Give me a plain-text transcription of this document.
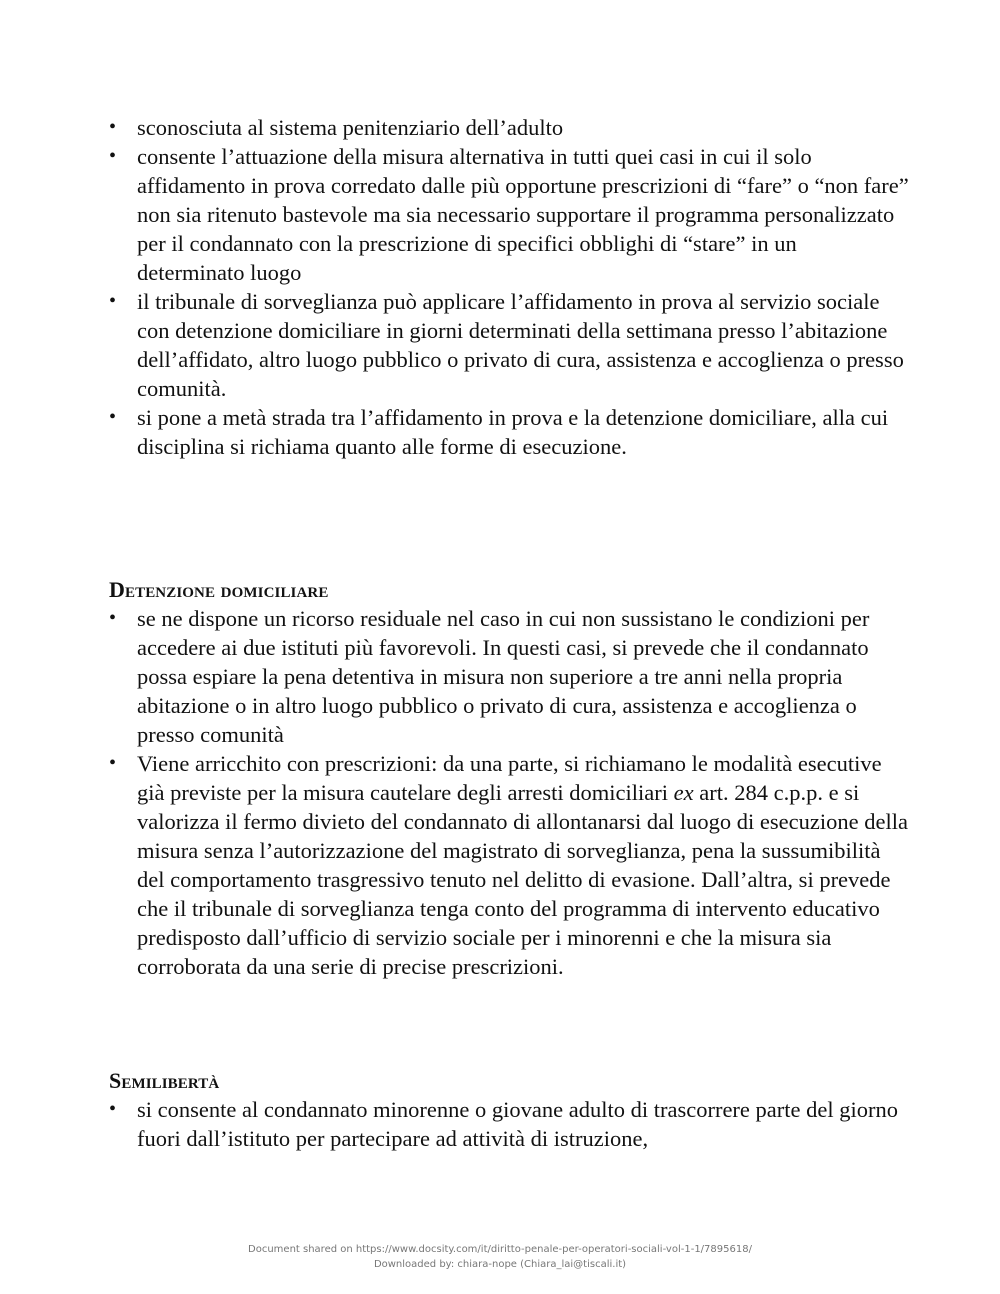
• sconosciuta al sistema penitenziario dell’adulto
• consente l’attuazione della misura alternativa in tutti quei casi in cui il solo affidamento in prova corredato dalle più opportune prescrizioni di “fare” o “non fare” non sia ritenuto bastevole ma sia necessario supportare il programma personalizzato per il condannato con la prescrizione di specifici obblighi di “stare” in un determinato luogo
• il tribunale di sorveglianza può applicare l’affidamento in prova al servizio sociale con detenzione domiciliare in giorni determinati della settimana presso l’abitazione dell’affidato, altro luogo pubblico o privato di cura, assistenza e accoglienza o presso comunità.
• si pone a metà strada tra l’affidamento in prova e la detenzione domiciliare, alla cui disciplina si richiama quanto alle forme di esecuzione.
Detenzione domiciliare
• se ne dispone un ricorso residuale nel caso in cui non sussistano le condizioni per accedere ai due istituti più favorevoli. In questi casi, si prevede che il condannato possa espiare la pena detentiva in misura non superiore a tre anni nella propria abitazione o in altro luogo pubblico o privato di cura, assistenza e accoglienza o presso comunità
• Viene arricchito con prescrizioni: da una parte, si richiamano le modalità esecutive già previste per la misura cautelare degli arresti domiciliari ex art. 284 c.p.p. e si valorizza il fermo divieto del condannato di allontanarsi dal luogo di esecuzione della misura senza l’autorizzazione del magistrato di sorveglianza, pena la sussumibilità del comportamento trasgressivo tenuto nel delitto di evasione. Dall’altra, si prevede che il tribunale di sorveglianza tenga conto del programma di intervento educativo predisposto dall’ufficio di servizio sociale per i minorenni e che la misura sia corroborata da una serie di precise prescrizioni.
Semilibertà
• si consente al condannato minorenne o giovane adulto di trascorrere parte del giorno fuori dall’istituto per partecipare ad attività di istruzione,
Document shared on https://www.docsity.com/it/diritto-penale-per-operatori-sociali-vol-1-1/7895618/
Downloaded by: chiara-nope (Chiara_lai@tiscali.it)
